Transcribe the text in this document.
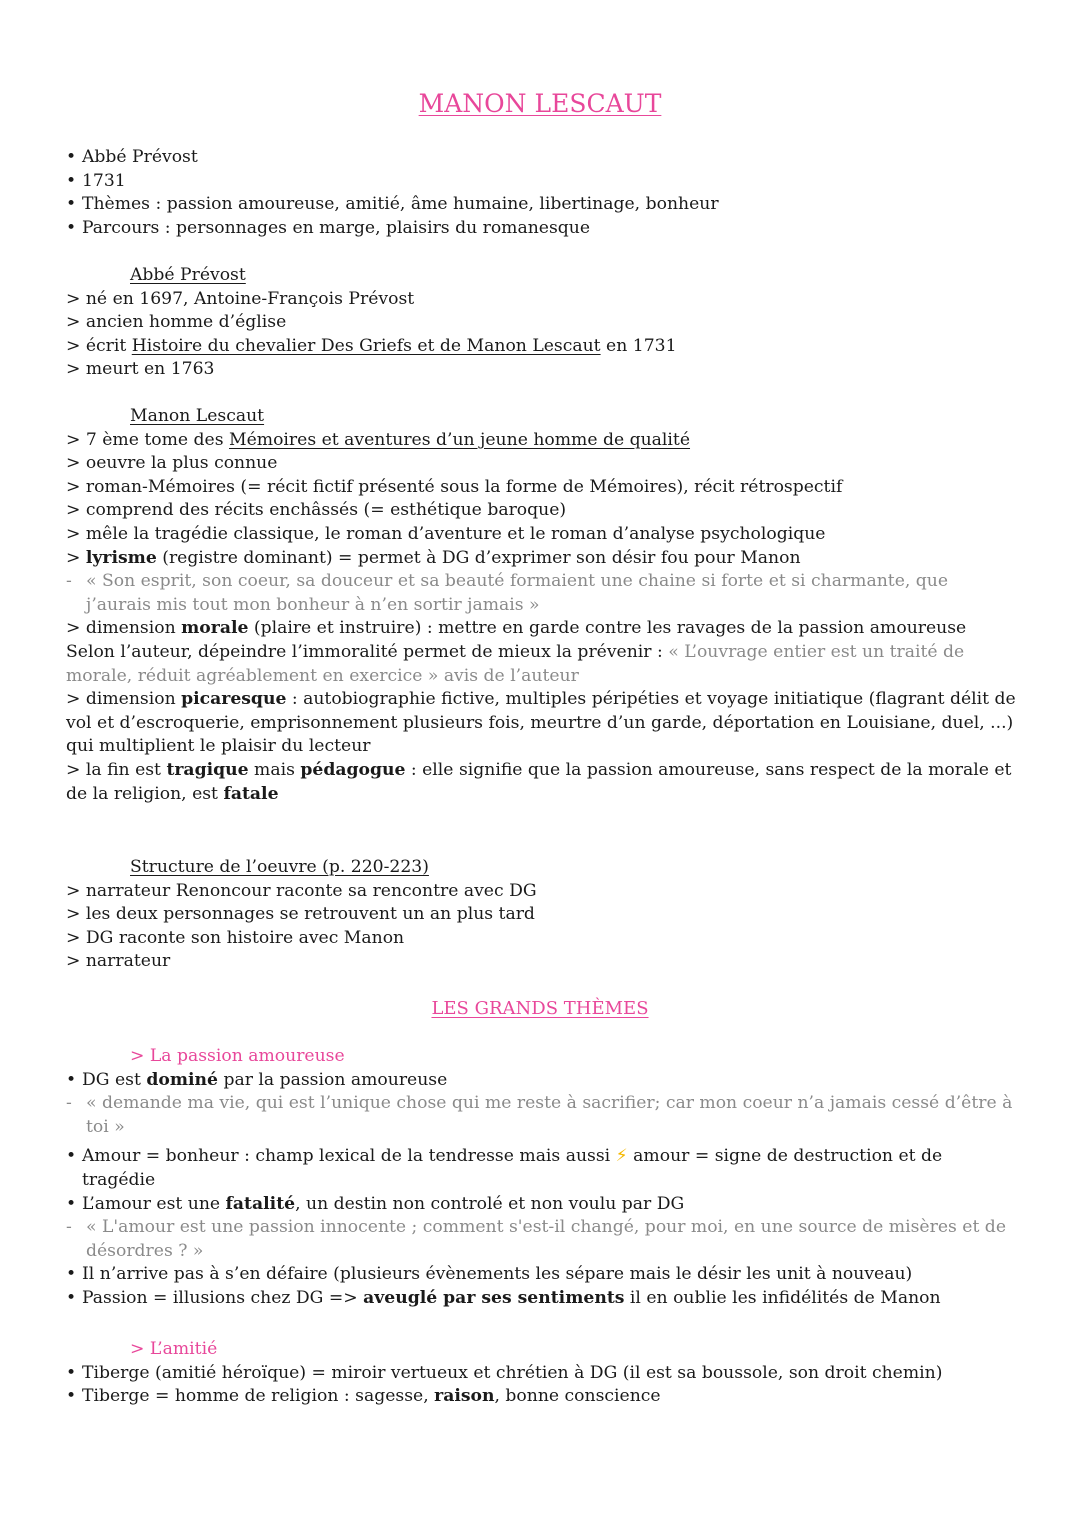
MANON LESCAUT
• Abbé Prévost
• 1731
• Thèmes : passion amoureuse, amitié, âme humaine, libertinage, bonheur
• Parcours : personnages en marge, plaisirs du romanesque
Abbé Prévost
> né en 1697, Antoine-François Prévost
> ancien homme d’église
> écrit Histoire du chevalier Des Griefs et de Manon Lescaut en 1731
> meurt en 1763
Manon Lescaut
> 7 ème tome des Mémoires et aventures d’un jeune homme de qualité
> oeuvre la plus connue
> roman-Mémoires (= récit fictif présenté sous la forme de Mémoires), récit rétrospectif
> comprend des récits enchâssés (= esthétique baroque)
> mêle la tragédie classique, le roman d’aventure et le roman d’analyse psychologique
> lyrisme (registre dominant) = permet à DG d’exprimer son désir fou pour Manon
- « Son esprit, son coeur, sa douceur et sa beauté formaient une chaine si forte et si charmante, que j’aurais mis tout mon bonheur à n’en sortir jamais »
> dimension morale (plaire et instruire) : mettre en garde contre les ravages de la passion amoureuse
Selon l’auteur, dépeindre l’immoralité permet de mieux la prévenir : « L’ouvrage entier est un traité de morale, réduit agréablement en exercice » avis de l’auteur
> dimension picaresque : autobiographie fictive, multiples péripéties et voyage initiatique (flagrant délit de vol et d’escroquerie, emprisonnement plusieurs fois, meurtre d’un garde, déportation en Louisiane, duel, ...) qui multiplient le plaisir du lecteur
> la fin est tragique mais pédagogue : elle signifie que la passion amoureuse, sans respect de la morale et de la religion, est fatale
Structure de l’oeuvre (p. 220-223)
> narrateur Renoncour raconte sa rencontre avec DG
> les deux personnages se retrouvent un an plus tard
> DG raconte son histoire avec Manon
> narrateur
LES GRANDS THÈMES
> La passion amoureuse
• DG est dominé par la passion amoureuse
- « demande ma vie, qui est l’unique chose qui me reste à sacrifier; car mon coeur n’a jamais cessé d’être à toi »
• Amour = bonheur : champ lexical de la tendresse mais aussi ⚡ amour = signe de destruction et de tragédie
• L’amour est une fatalité, un destin non controlé et non voulu par DG
- « L'amour est une passion innocente ; comment s'est-il changé, pour moi, en une source de misères et de désordres ? »
• Il n’arrive pas à s’en défaire (plusieurs évènements les sépare mais le désir les unit à nouveau)
• Passion = illusions chez DG => aveuglé par ses sentiments il en oublie les infidélités de Manon
> L’amitié
• Tiberge (amitié héroïque) = miroir vertueux et chrétien à DG (il est sa boussole, son droit chemin)
• Tiberge = homme de religion : sagesse, raison, bonne conscience
